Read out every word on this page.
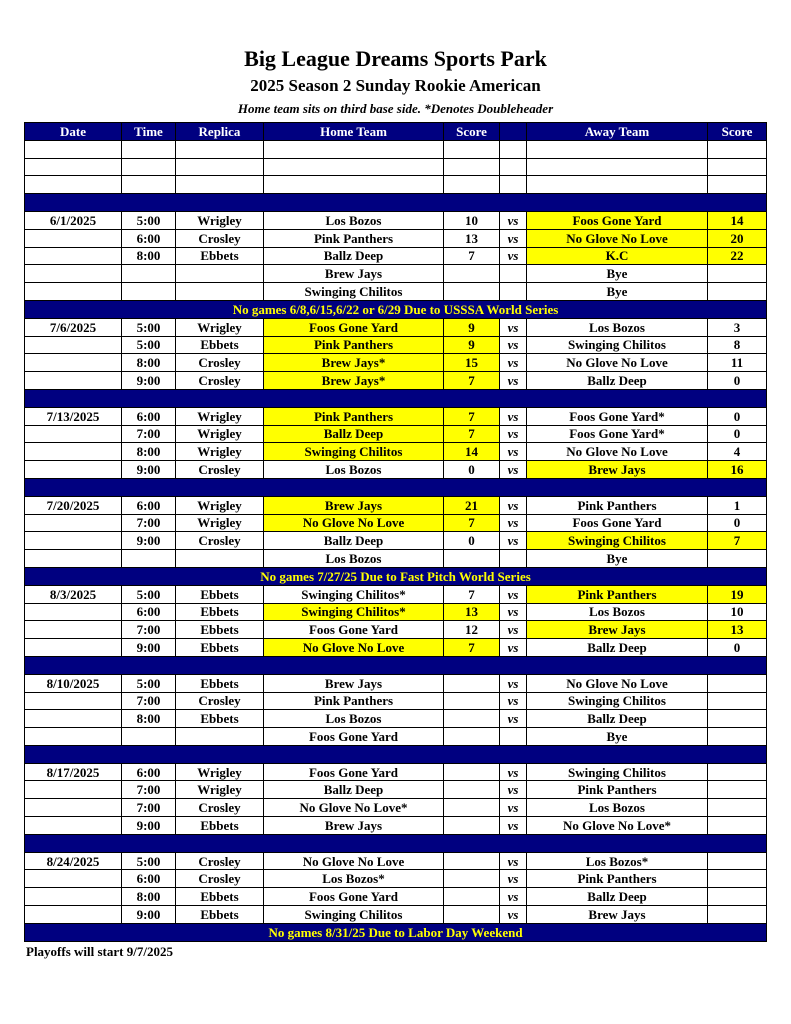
Big League Dreams Sports Park
2025 Season 2 Sunday Rookie American
Home team sits on third base side. *Denotes Doubleheader
Date	Time	Replica	Home Team	Score		Away Team	Score

6/1/2025	5:00	Wrigley	Los Bozos	10	vs	Foos Gone Yard	14
	6:00	Crosley	Pink Panthers	13	vs	No Glove No Love	20
	8:00	Ebbets	Ballz Deep	7	vs	K.C	22
			Brew Jays			Bye	
			Swinging Chilitos			Bye	
No games 6/8,6/15,6/22 or 6/29 Due to USSSA World Series							
7/6/2025	5:00	Wrigley	Foos Gone Yard	9	vs	Los Bozos	3
	5:00	Ebbets	Pink Panthers	9	vs	Swinging Chilitos	8
	8:00	Crosley	Brew Jays*	15	vs	No Glove No Love	11
	9:00	Crosley	Brew Jays*	7	vs	Ballz Deep	0

7/13/2025	6:00	Wrigley	Pink Panthers	7	vs	Foos Gone Yard*	0
	7:00	Wrigley	Ballz Deep	7	vs	Foos Gone Yard*	0
	8:00	Wrigley	Swinging Chilitos	14	vs	No Glove No Love	4
	9:00	Crosley	Los Bozos	0	vs	Brew Jays	16

7/20/2025	6:00	Wrigley	Brew Jays	21	vs	Pink Panthers	1
	7:00	Wrigley	No Glove No Love	7	vs	Foos Gone Yard	0
	9:00	Crosley	Ballz Deep	0	vs	Swinging Chilitos	7
			Los Bozos			Bye	
No games 7/27/25 Due to Fast Pitch World Series							
8/3/2025	5:00	Ebbets	Swinging Chilitos*	7	vs	Pink Panthers	19
	6:00	Ebbets	Swinging Chilitos*	13	vs	Los Bozos	10
	7:00	Ebbets	Foos Gone Yard	12	vs	Brew Jays	13
	9:00	Ebbets	No Glove No Love	7	vs	Ballz Deep	0

8/10/2025	5:00	Ebbets	Brew Jays		vs	No Glove No Love	
	7:00	Crosley	Pink Panthers		vs	Swinging Chilitos	
	8:00	Ebbets	Los Bozos		vs	Ballz Deep	
			Foos Gone Yard			Bye	

8/17/2025	6:00	Wrigley	Foos Gone Yard		vs	Swinging Chilitos	
	7:00	Wrigley	Ballz Deep		vs	Pink Panthers	
	7:00	Crosley	No Glove No Love*		vs	Los Bozos	
	9:00	Ebbets	Brew Jays		vs	No Glove No Love*	

8/24/2025	5:00	Crosley	No Glove No Love		vs	Los Bozos*	
	6:00	Crosley	Los Bozos*		vs	Pink Panthers	
	8:00	Ebbets	Foos Gone Yard		vs	Ballz Deep	
	9:00	Ebbets	Swinging Chilitos		vs	Brew Jays	
No games 8/31/25 Due to Labor Day Weekend							
Playoffs will start 9/7/2025
